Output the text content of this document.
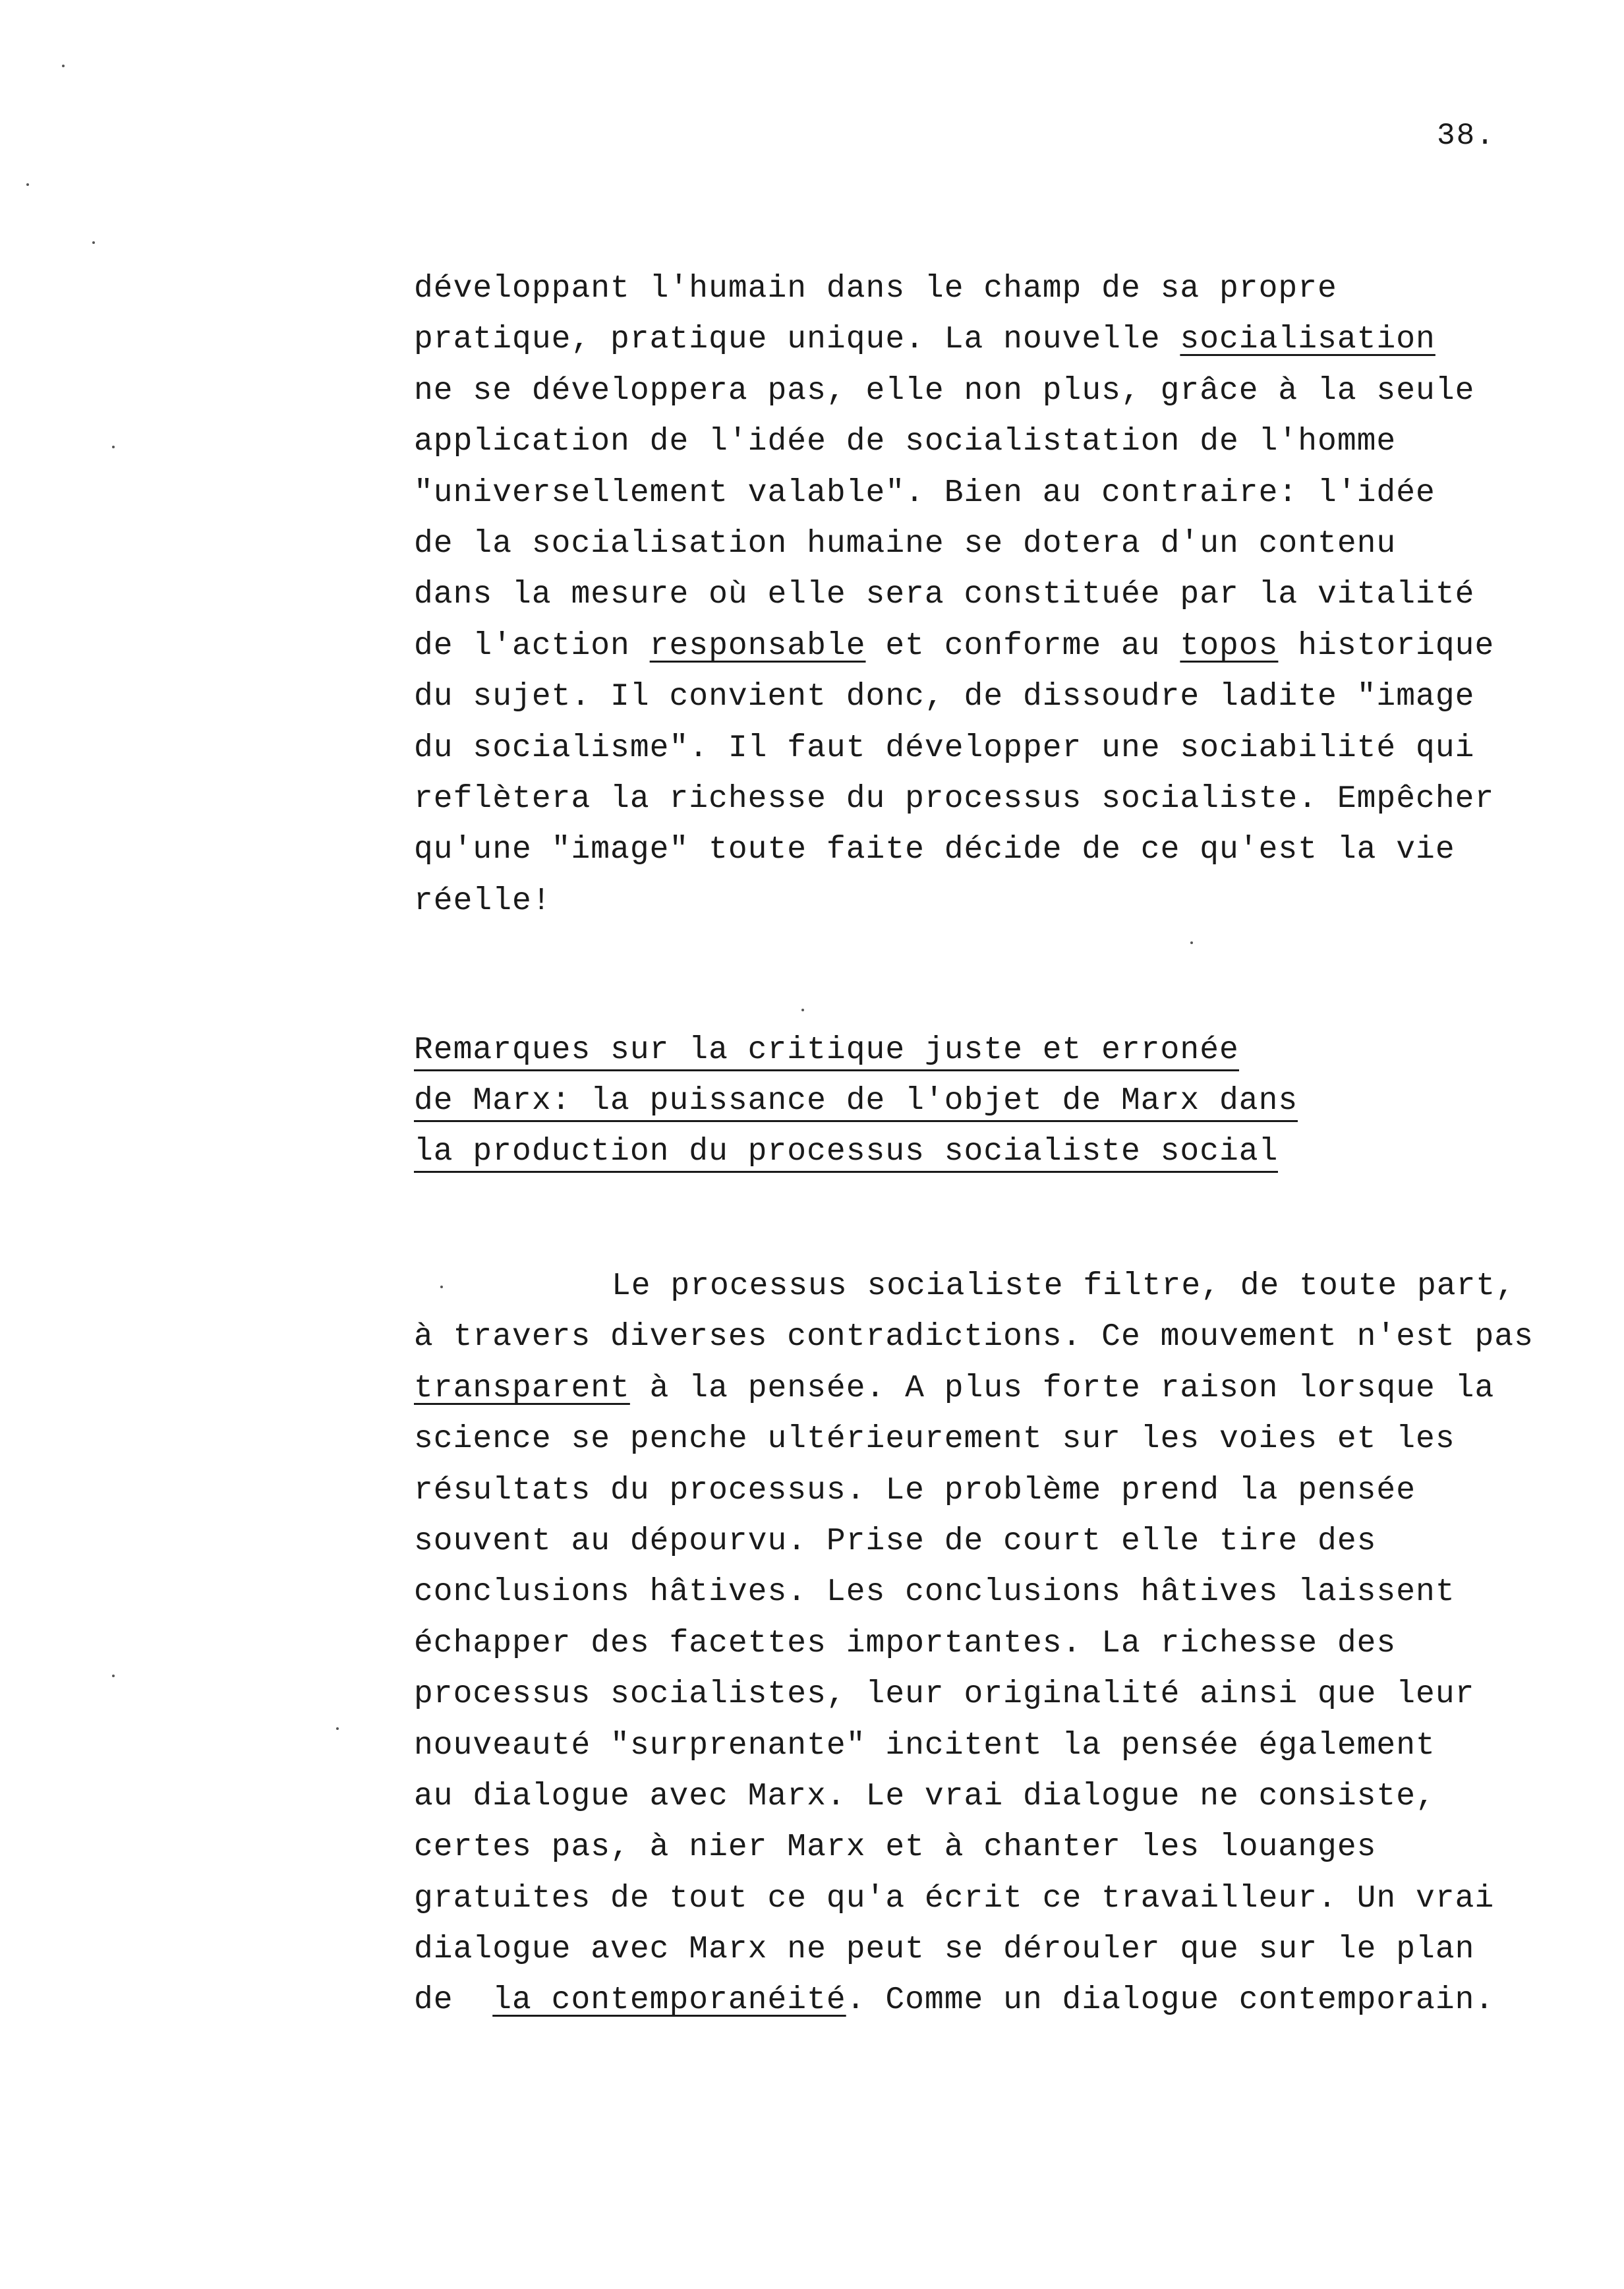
38.
développant l'humain dans le champ de sa propre
pratique, pratique unique. La nouvelle socialisation
ne se développera pas, elle non plus, grâce à la seule
application de l'idée de socialistation de l'homme
"universellement valable". Bien au contraire: l'idée
de la socialisation humaine se dotera d'un contenu
dans la mesure où elle sera constituée par la vitalité
de l'action responsable et conforme au topos historique
du sujet. Il convient donc, de dissoudre ladite "image
du socialisme". Il faut développer une sociabilité qui
reflètera la richesse du processus socialiste. Empêcher
qu'une "image" toute faite décide de ce qu'est la vie
réelle!
Remarques sur la critique juste et erronée
de Marx: la puissance de l'objet de Marx dans
la production du processus socialiste social
Le processus socialiste filtre, de toute part,
à travers diverses contradictions. Ce mouvement n'est pas
transparent à la pensée. A plus forte raison lorsque la
science se penche ultérieurement sur les voies et les
résultats du processus. Le problème prend la pensée
souvent au dépourvu. Prise de court elle tire des
conclusions hâtives. Les conclusions hâtives laissent
échapper des facettes importantes. La richesse des
processus socialistes, leur originalité ainsi que leur
nouveauté "surprenante" incitent la pensée également
au dialogue avec Marx. Le vrai dialogue ne consiste,
certes pas, à nier Marx et à chanter les louanges
gratuites de tout ce qu'a écrit ce travailleur. Un vrai
dialogue avec Marx ne peut se dérouler que sur le plan
de  la contemporanéité. Comme un dialogue contemporain.
